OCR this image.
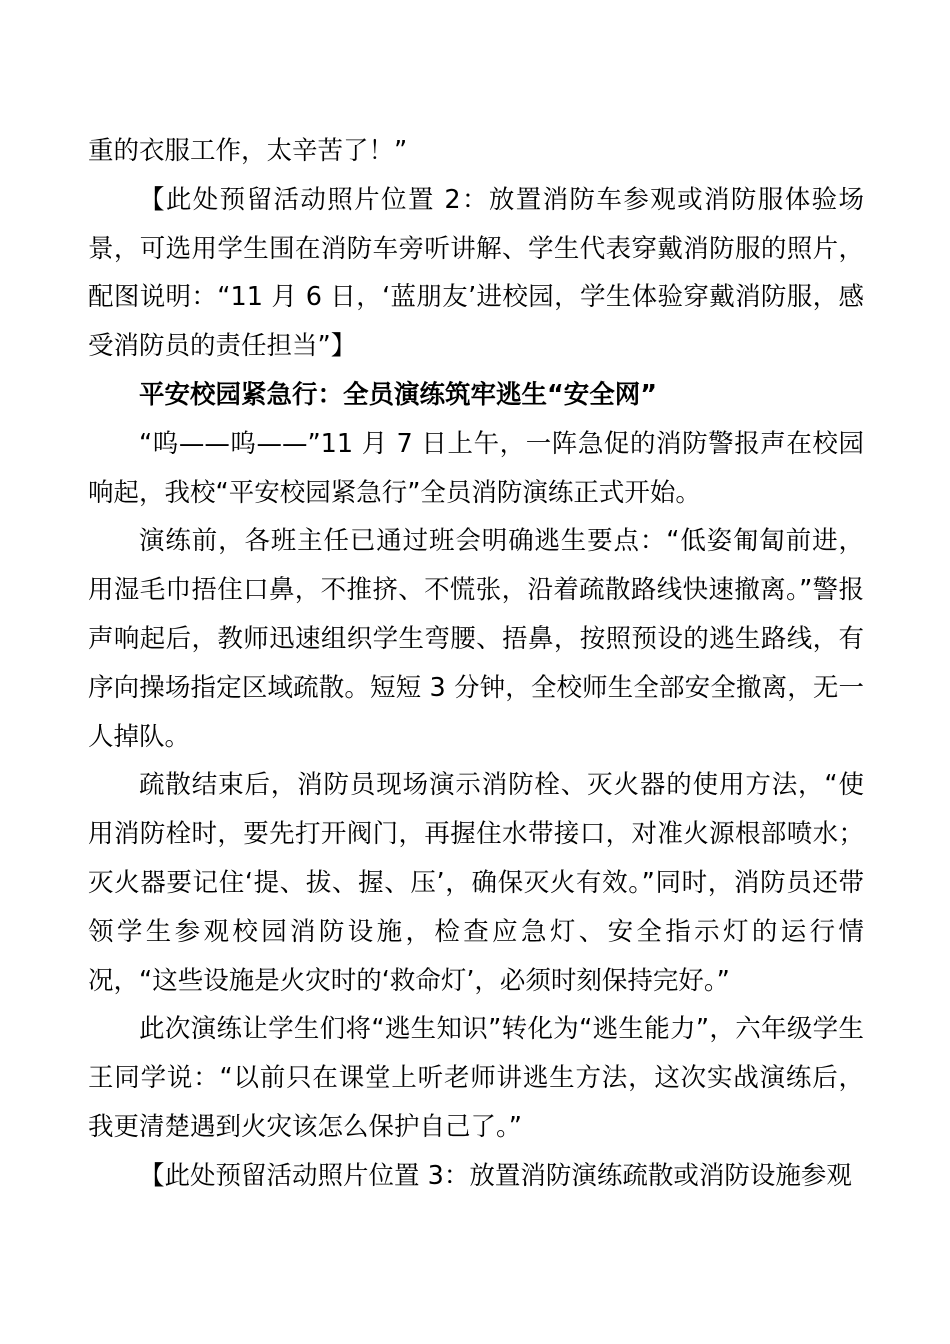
重的衣服工作，太辛苦了！”

【此处预留活动照片位置 2：放置消防车参观或消防服体验场景，可选用学生围在消防车旁听讲解、学生代表穿戴消防服的照片，配图说明：“11 月 6 日，‘蓝朋友’进校园，学生体验穿戴消防服，感受消防员的责任担当”】

平安校园紧急行：全员演练筑牢逃生“安全网”

“呜——呜——”11 月 7 日上午，一阵急促的消防警报声在校园响起，我校“平安校园紧急行”全员消防演练正式开始。

演练前，各班主任已通过班会明确逃生要点：“低姿匍匐前进，用湿毛巾捂住口鼻，不推挤、不慌张，沿着疏散路线快速撤离。”警报声响起后，教师迅速组织学生弯腰、捂鼻，按照预设的逃生路线，有序向操场指定区域疏散。短短 3 分钟，全校师生全部安全撤离，无一人掉队。

疏散结束后，消防员现场演示消防栓、灭火器的使用方法，“使用消防栓时，要先打开阀门，再握住水带接口，对准火源根部喷水；灭火器要记住‘提、拔、握、压’，确保灭火有效。”同时，消防员还带领学生参观校园消防设施，检查应急灯、安全指示灯的运行情况，“这些设施是火灾时的‘救命灯’，必须时刻保持完好。”

此次演练让学生们将“逃生知识”转化为“逃生能力”，六年级学生王同学说：“以前只在课堂上听老师讲逃生方法，这次实战演练后，我更清楚遇到火灾该怎么保护自己了。”

【此处预留活动照片位置 3：放置消防演练疏散或消防设施参观
